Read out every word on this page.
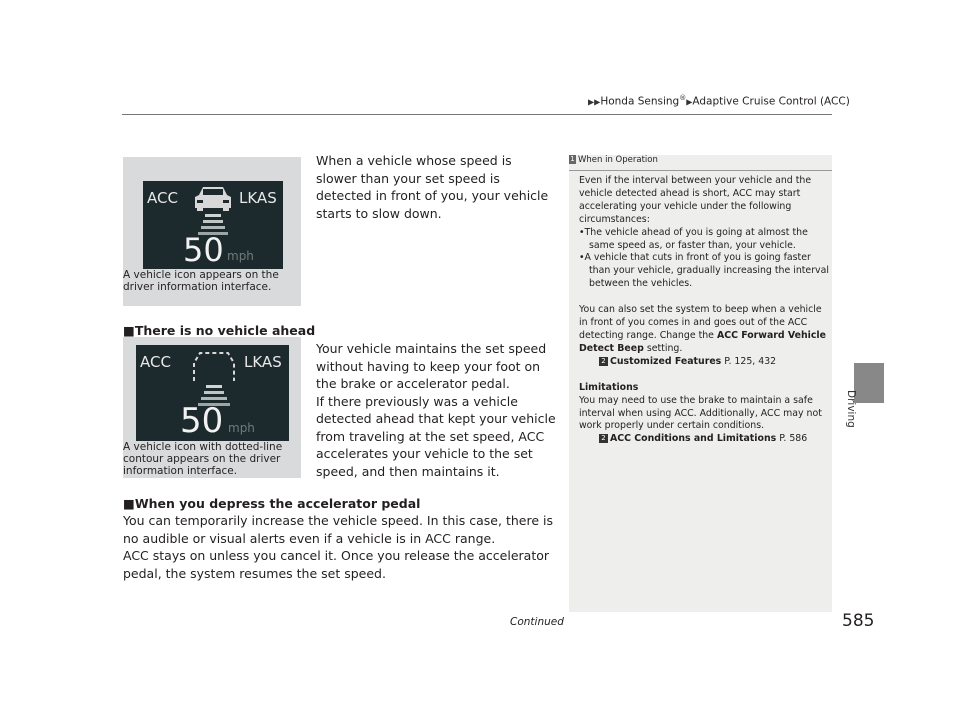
▶▶Honda Sensing®▶Adaptive Cruise Control (ACC)
Driving
ACC	LKAS
50 mph
A vehicle icon appears on the driver information interface.
ACC	LKAS
50 mph
A vehicle icon with dotted-line contour appears on the driver information interface.
When a vehicle whose speed is slower than your set speed is detected in front of you, your vehicle starts to slow down.
■There is no vehicle ahead
Your vehicle maintains the set speed without having to keep your foot on the brake or accelerator pedal.
If there previously was a vehicle detected ahead that kept your vehicle from traveling at the set speed, ACC accelerates your vehicle to the set speed, and then maintains it.
■When you depress the accelerator pedal
You can temporarily increase the vehicle speed. In this case, there is no audible or visual alerts even if a vehicle is in ACC range.
ACC stays on unless you cancel it. Once you release the accelerator pedal, the system resumes the set speed.
1 When in Operation

Even if the interval between your vehicle and the vehicle detected ahead is short, ACC may start accelerating your vehicle under the following circumstances:

•The vehicle ahead of you is going at almost the same speed as, or faster than, your vehicle.

•A vehicle that cuts in front of you is going faster than your vehicle, gradually increasing the interval between the vehicles.

You can also set the system to beep when a vehicle in front of you comes in and goes out of the ACC detecting range. Change the ACC Forward Vehicle Detect Beep setting.

2 Customized Features P. 125, 432

Limitations

You may need to use the brake to maintain a safe interval when using ACC. Additionally, ACC may not work properly under certain conditions.

2 ACC Conditions and Limitations P. 586

Continued	585
